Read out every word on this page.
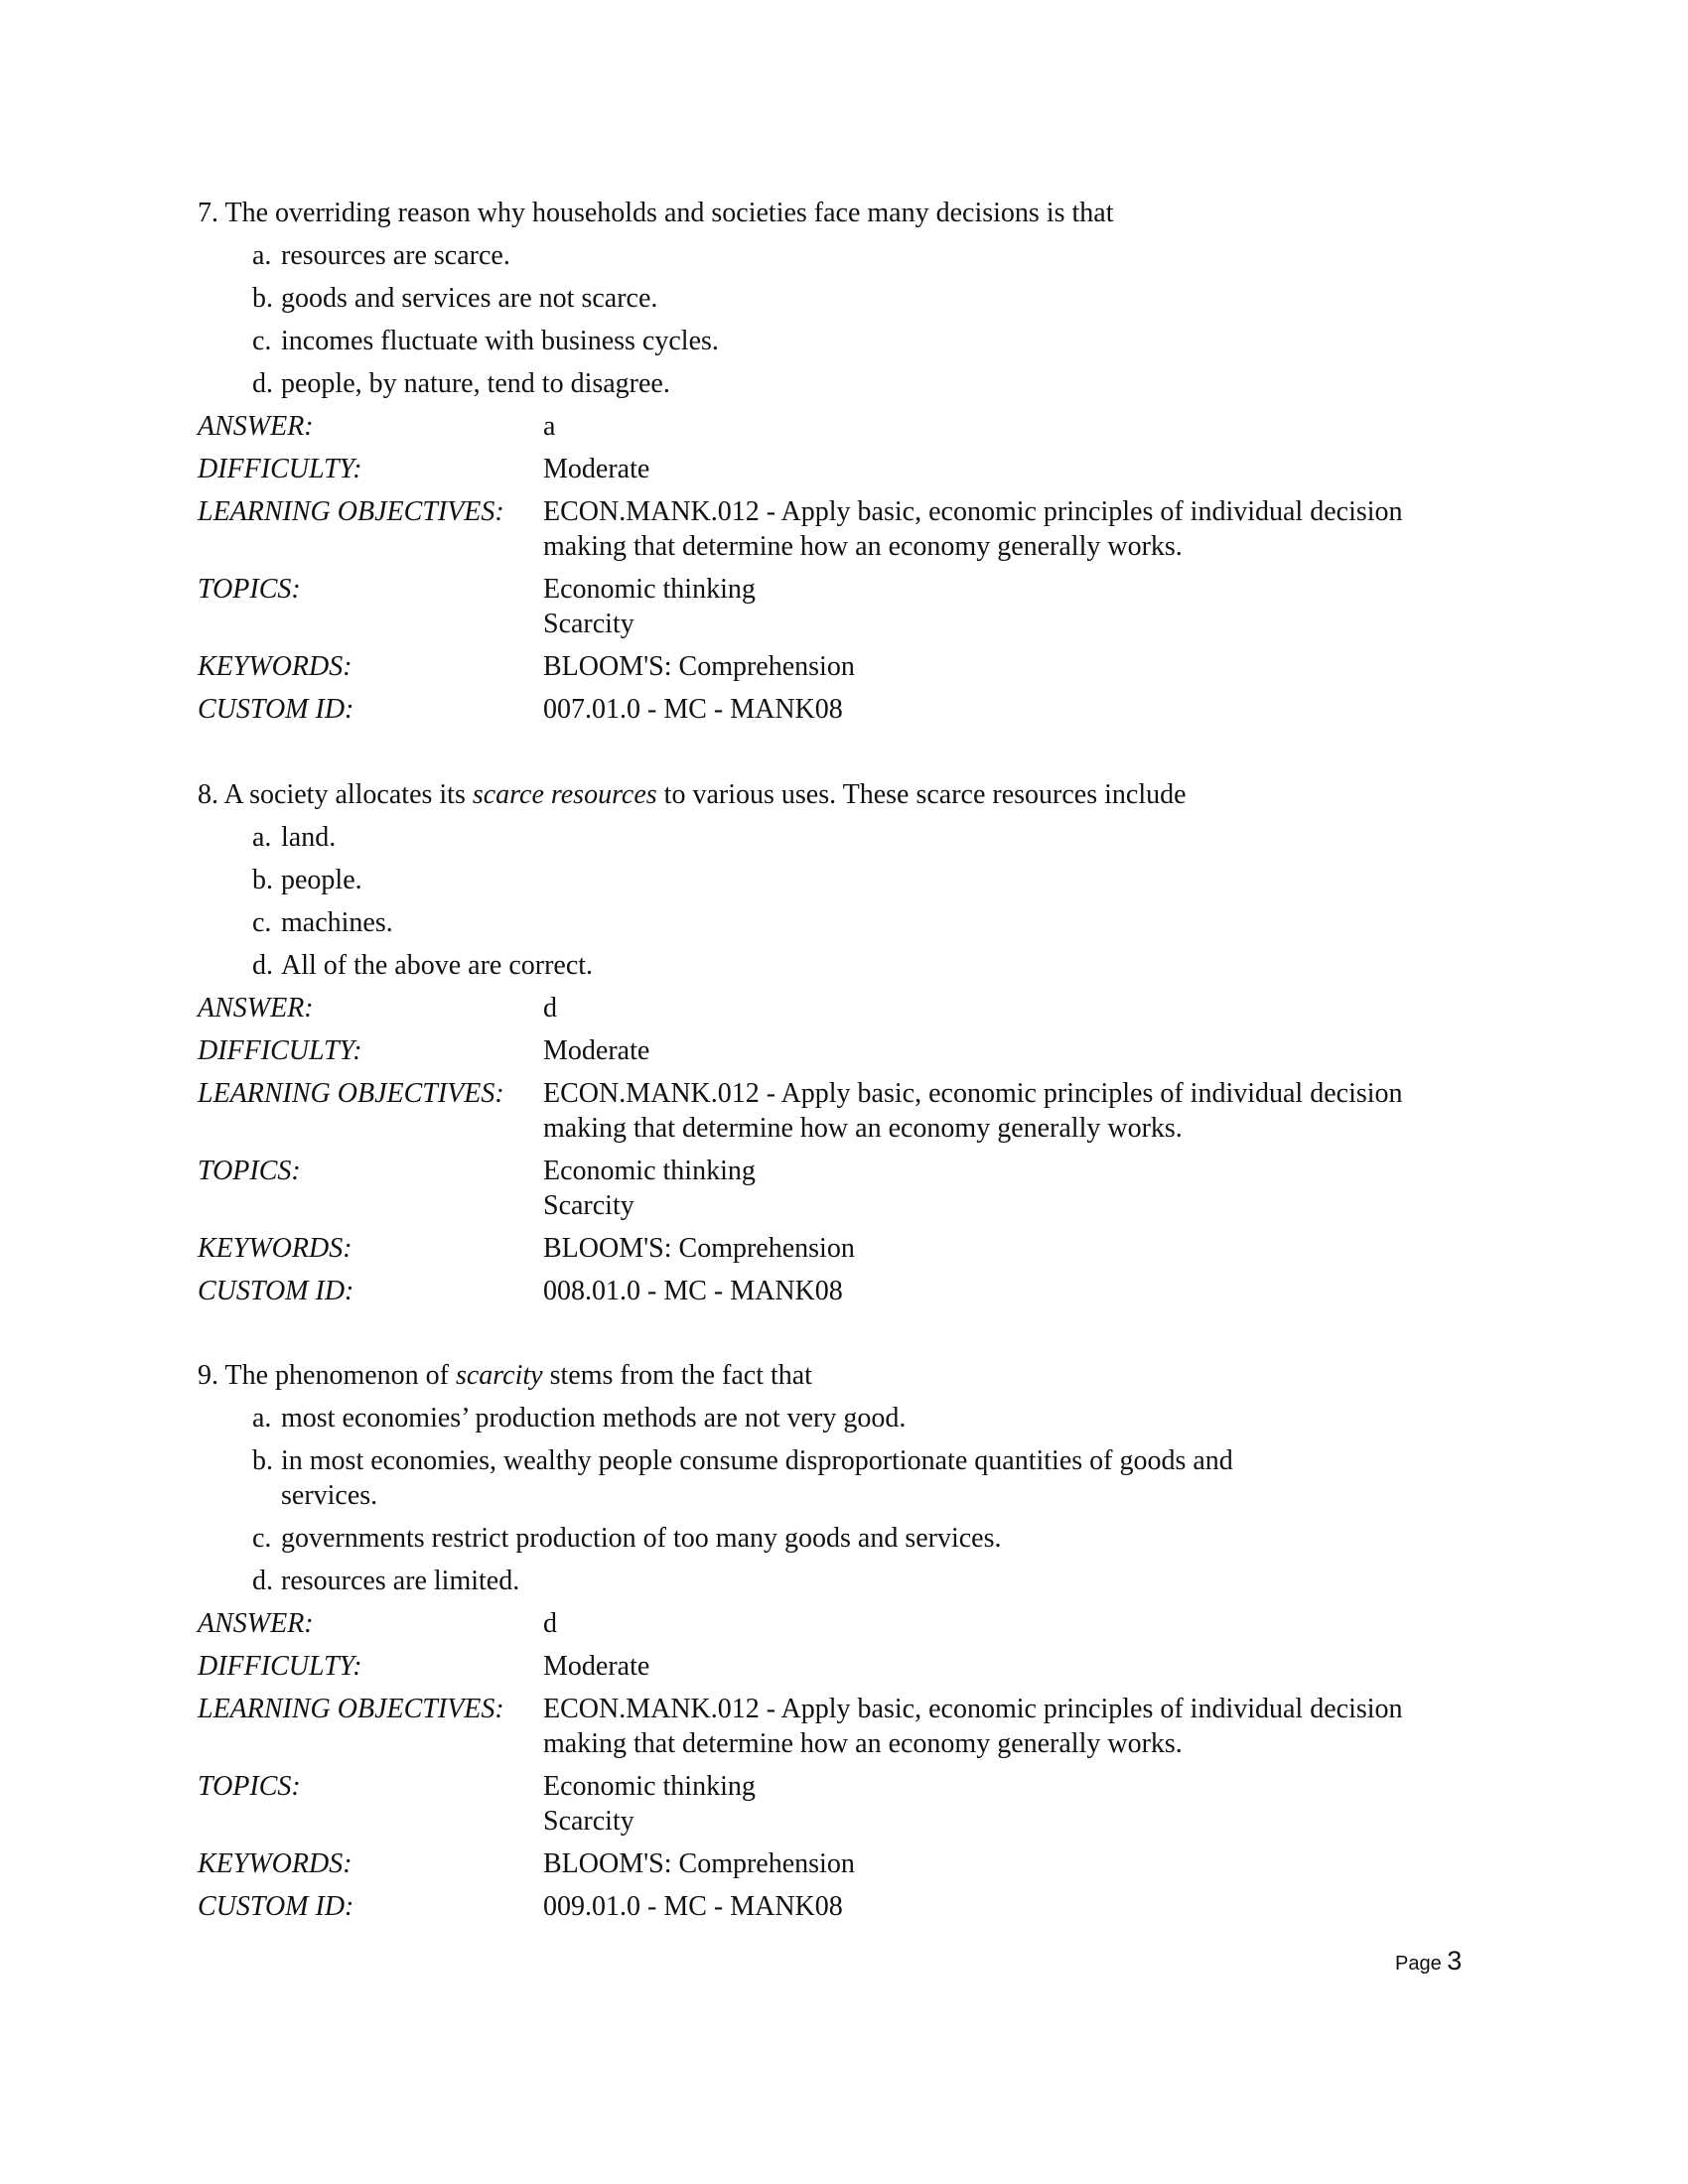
7. The overriding reason why households and societies face many decisions is that
a. resources are scarce.
b. goods and services are not scarce.
c. incomes fluctuate with business cycles.
d. people, by nature, tend to disagree.
ANSWER:	a
DIFFICULTY:	Moderate
LEARNING OBJECTIVES:	ECON.MANK.012 - Apply basic, economic principles of individual decision
making that determine how an economy generally works.
TOPICS:	Economic thinking
Scarcity
KEYWORDS:	BLOOM'S: Comprehension
CUSTOM ID:	007.01.0 - MC - MANK08
8. A society allocates its scarce resources to various uses. These scarce resources include
a. land.
b. people.
c. machines.
d. All of the above are correct.
ANSWER:	d
DIFFICULTY:	Moderate
LEARNING OBJECTIVES:	ECON.MANK.012 - Apply basic, economic principles of individual decision
making that determine how an economy generally works.
TOPICS:	Economic thinking
Scarcity
KEYWORDS:	BLOOM'S: Comprehension
CUSTOM ID:	008.01.0 - MC - MANK08
9. The phenomenon of scarcity stems from the fact that
a. most economies’ production methods are not very good.
b. in most economies, wealthy people consume disproportionate quantities of goods and services.
c. governments restrict production of too many goods and services.
d. resources are limited.
ANSWER:	d
DIFFICULTY:	Moderate
LEARNING OBJECTIVES:	ECON.MANK.012 - Apply basic, economic principles of individual decision
making that determine how an economy generally works.
TOPICS:	Economic thinking
Scarcity
KEYWORDS:	BLOOM'S: Comprehension
CUSTOM ID:	009.01.0 - MC - MANK08
Page 3
